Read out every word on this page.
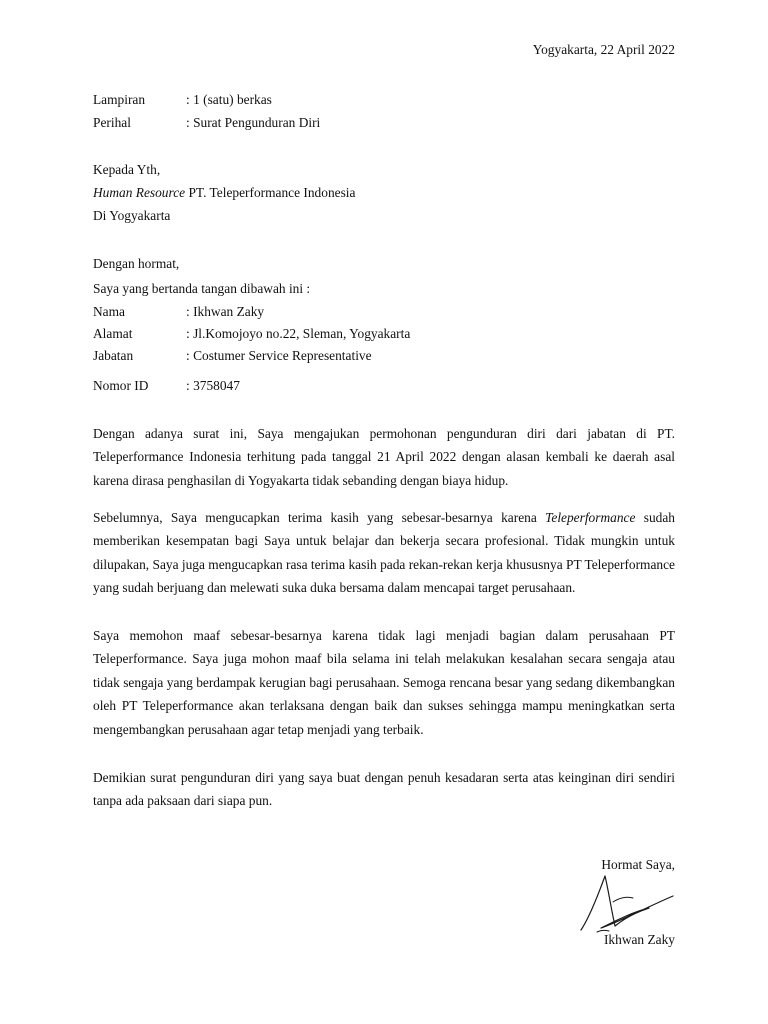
Yogyakarta, 22 April 2022
Lampiran	: 1 (satu) berkas
Perihal	: Surat Pengunduran Diri
Kepada Yth,
Human Resource PT. Teleperformance Indonesia
Di Yogyakarta
Dengan hormat,
Saya yang bertanda tangan dibawah ini :
Nama	: Ikhwan Zaky
Alamat	: Jl.Komojoyo no.22, Sleman, Yogyakarta
Jabatan	: Costumer Service Representative
Nomor ID	: 3758047
Dengan adanya surat ini, Saya mengajukan permohonan pengunduran diri dari jabatan di PT. Teleperformance Indonesia terhitung pada tanggal 21 April 2022 dengan alasan kembali ke daerah asal karena dirasa penghasilan di Yogyakarta tidak sebanding dengan biaya hidup.
Sebelumnya, Saya mengucapkan terima kasih yang sebesar-besarnya karena Teleperformance sudah memberikan kesempatan bagi Saya untuk belajar dan bekerja secara profesional. Tidak mungkin untuk dilupakan, Saya juga mengucapkan rasa terima kasih pada rekan-rekan kerja khususnya PT Teleperformance yang sudah berjuang dan melewati suka duka bersama dalam mencapai target perusahaan.
Saya memohon maaf sebesar-besarnya karena tidak lagi menjadi bagian dalam perusahaan PT Teleperformance. Saya juga mohon maaf bila selama ini telah melakukan kesalahan secara sengaja atau tidak sengaja yang berdampak kerugian bagi perusahaan. Semoga rencana besar yang sedang dikembangkan oleh PT Teleperformance akan terlaksana dengan baik dan sukses sehingga mampu meningkatkan serta mengembangkan perusahaan agar tetap menjadi yang terbaik.
Demikian surat pengunduran diri yang saya buat dengan penuh kesadaran serta atas keinginan diri sendiri tanpa ada paksaan dari siapa pun.
Hormat Saya,
Ikhwan Zaky
